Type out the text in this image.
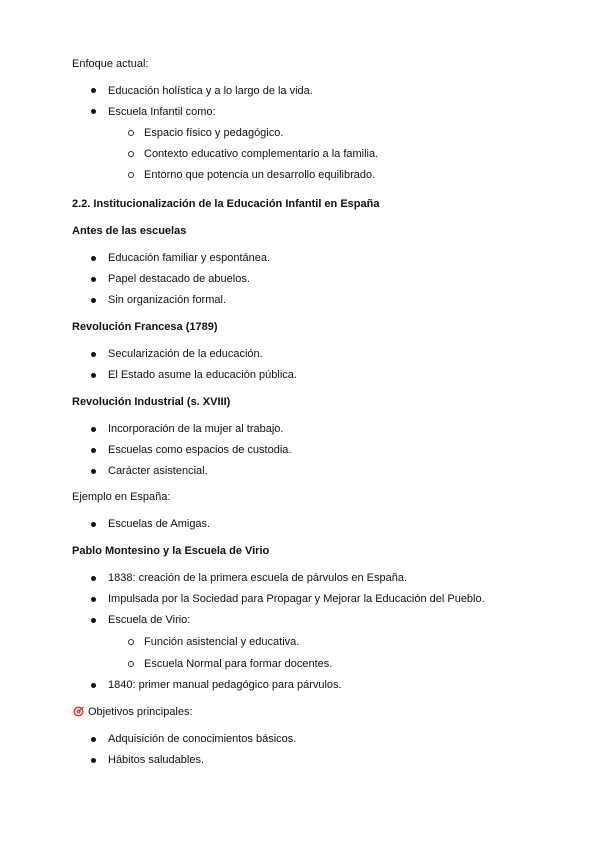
Enfoque actual:
Educación holística y a lo largo de la vida.
Escuela Infantil como:
Espacio físico y pedagógico.
Contexto educativo complementario a la familia.
Entorno que potencia un desarrollo equilibrado.
2.2. Institucionalización de la Educación Infantil en España
Antes de las escuelas
Educación familiar y espontánea.
Papel destacado de abuelos.
Sin organización formal.
Revolución Francesa (1789)
Secularización de la educación.
El Estado asume la educación pública.
Revolución Industrial (s. XVIII)
Incorporación de la mujer al trabajo.
Escuelas como espacios de custodia.
Carácter asistencial.
Ejemplo en España:
Escuelas de Amigas.
Pablo Montesino y la Escuela de Virio
1838: creación de la primera escuela de párvulos en España.
Impulsada por la Sociedad para Propagar y Mejorar la Educación del Pueblo.
Escuela de Virio:
Función asistencial y educativa.
Escuela Normal para formar docentes.
1840: primer manual pedagógico para párvulos.
Objetivos principales:
Adquisición de conocimientos básicos.
Hábitos saludables.
